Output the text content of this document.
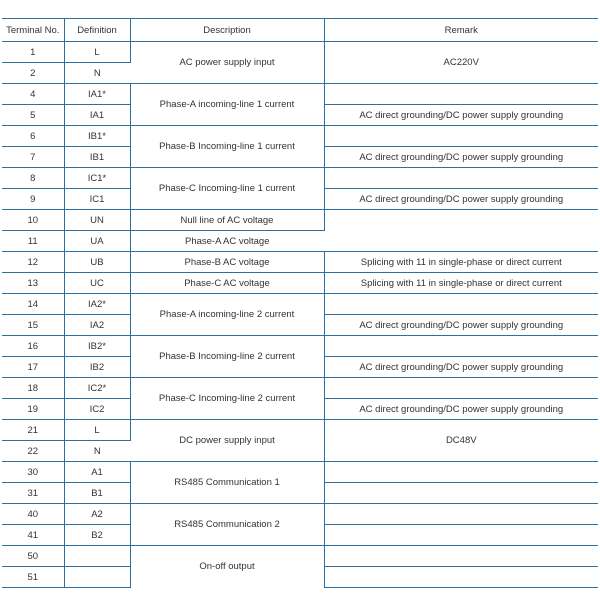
Terminal No.	Definition	Description	Remark
1	L	AC power supply input	AC220V
2	N		
4	IA1*	Phase-A incoming-line 1 current	
5	IA1		AC direct grounding/DC power supply grounding
6	IB1*	Phase-B Incoming-line 1 current	
7	IB1		AC direct grounding/DC power supply grounding
8	IC1*	Phase-C Incoming-line 1 current	
9	IC1		AC direct grounding/DC power supply grounding
10	UN	Null line of AC voltage	
11	UA	Phase-A AC voltage	
12	UB	Phase-B AC voltage	Splicing with 11 in single-phase or direct current
13	UC	Phase-C AC voltage	Splicing with 11 in single-phase or direct current
14	IA2*	Phase-A incoming-line 2 current	
15	IA2		AC direct grounding/DC power supply grounding
16	IB2*	Phase-B Incoming-line 2 current	
17	IB2		AC direct grounding/DC power supply grounding
18	IC2*	Phase-C Incoming-line 2 current	
19	IC2		AC direct grounding/DC power supply grounding
21	L	DC power supply input	DC48V
22	N		
30	A1	RS485 Communication 1	
31	B1		
40	A2	RS485 Communication 2	
41	B2		
50		On-off output	
51			
